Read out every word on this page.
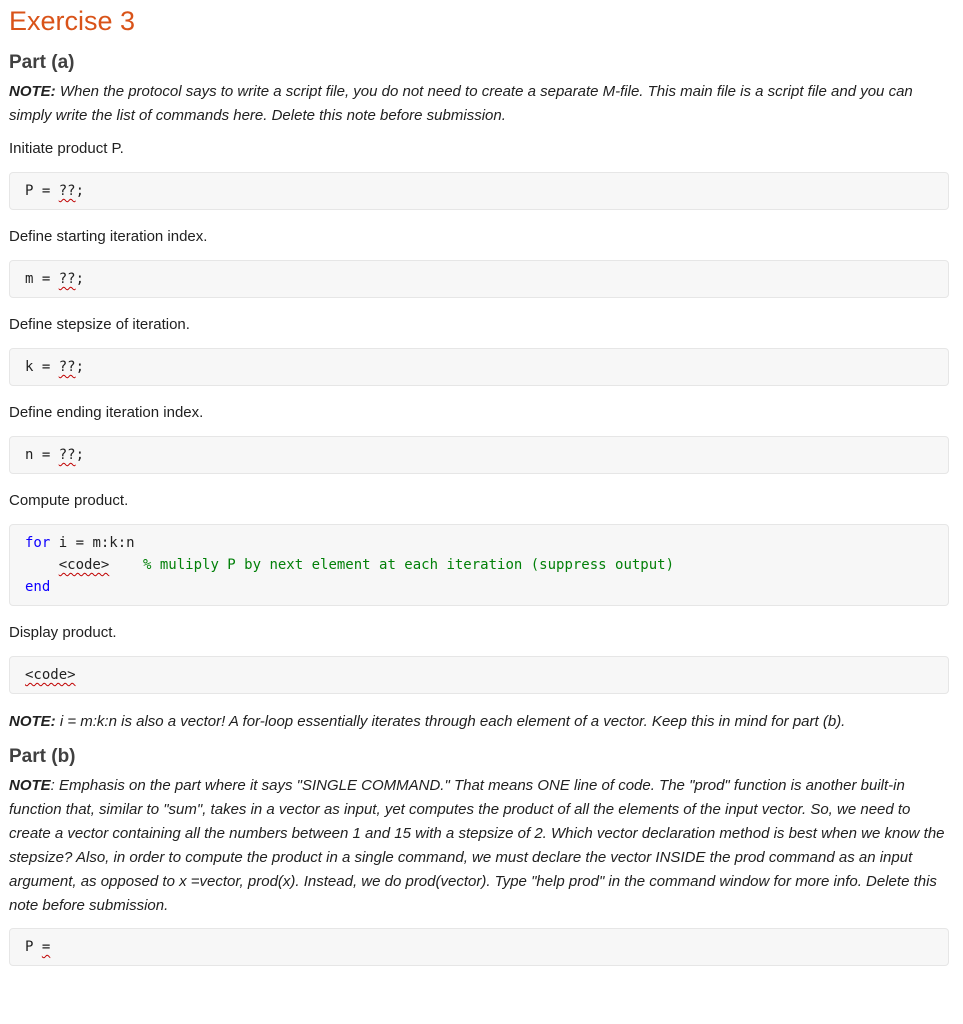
Exercise 3
Part (a)

NOTE: When the protocol says to write a script file, you do not need to create a separate M-file. This main file is a script file and you can simply write the list of commands here. Delete this note before submission.

Initiate product P.

P = ??;

Define starting iteration index.

m = ??;

Define stepsize of iteration.

k = ??;

Define ending iteration index.

n = ??;

Compute product.

for i = m:k:n
<code> % muliply P by next element at each iteration (suppress output)
end

Display product.

<code>

NOTE: i = m:k:n is also a vector! A for-loop essentially iterates through each element of a vector. Keep this in mind for part (b).

Part (b)

NOTE: Emphasis on the part where it says "SINGLE COMMAND." That means ONE line of code. The "prod" function is another built-in function that, similar to "sum", takes in a vector as input, yet computes the product of all the elements of the input vector. So, we need to create a vector containing all the numbers between 1 and 15 with a stepsize of 2. Which vector declaration method is best when we know the stepsize? Also, in order to compute the product in a single command, we must declare the vector INSIDE the prod command as an input argument, as opposed to x =vector, prod(x). Instead, we do prod(vector). Type "help prod" in the command window for more info. Delete this note before submission.

P =
